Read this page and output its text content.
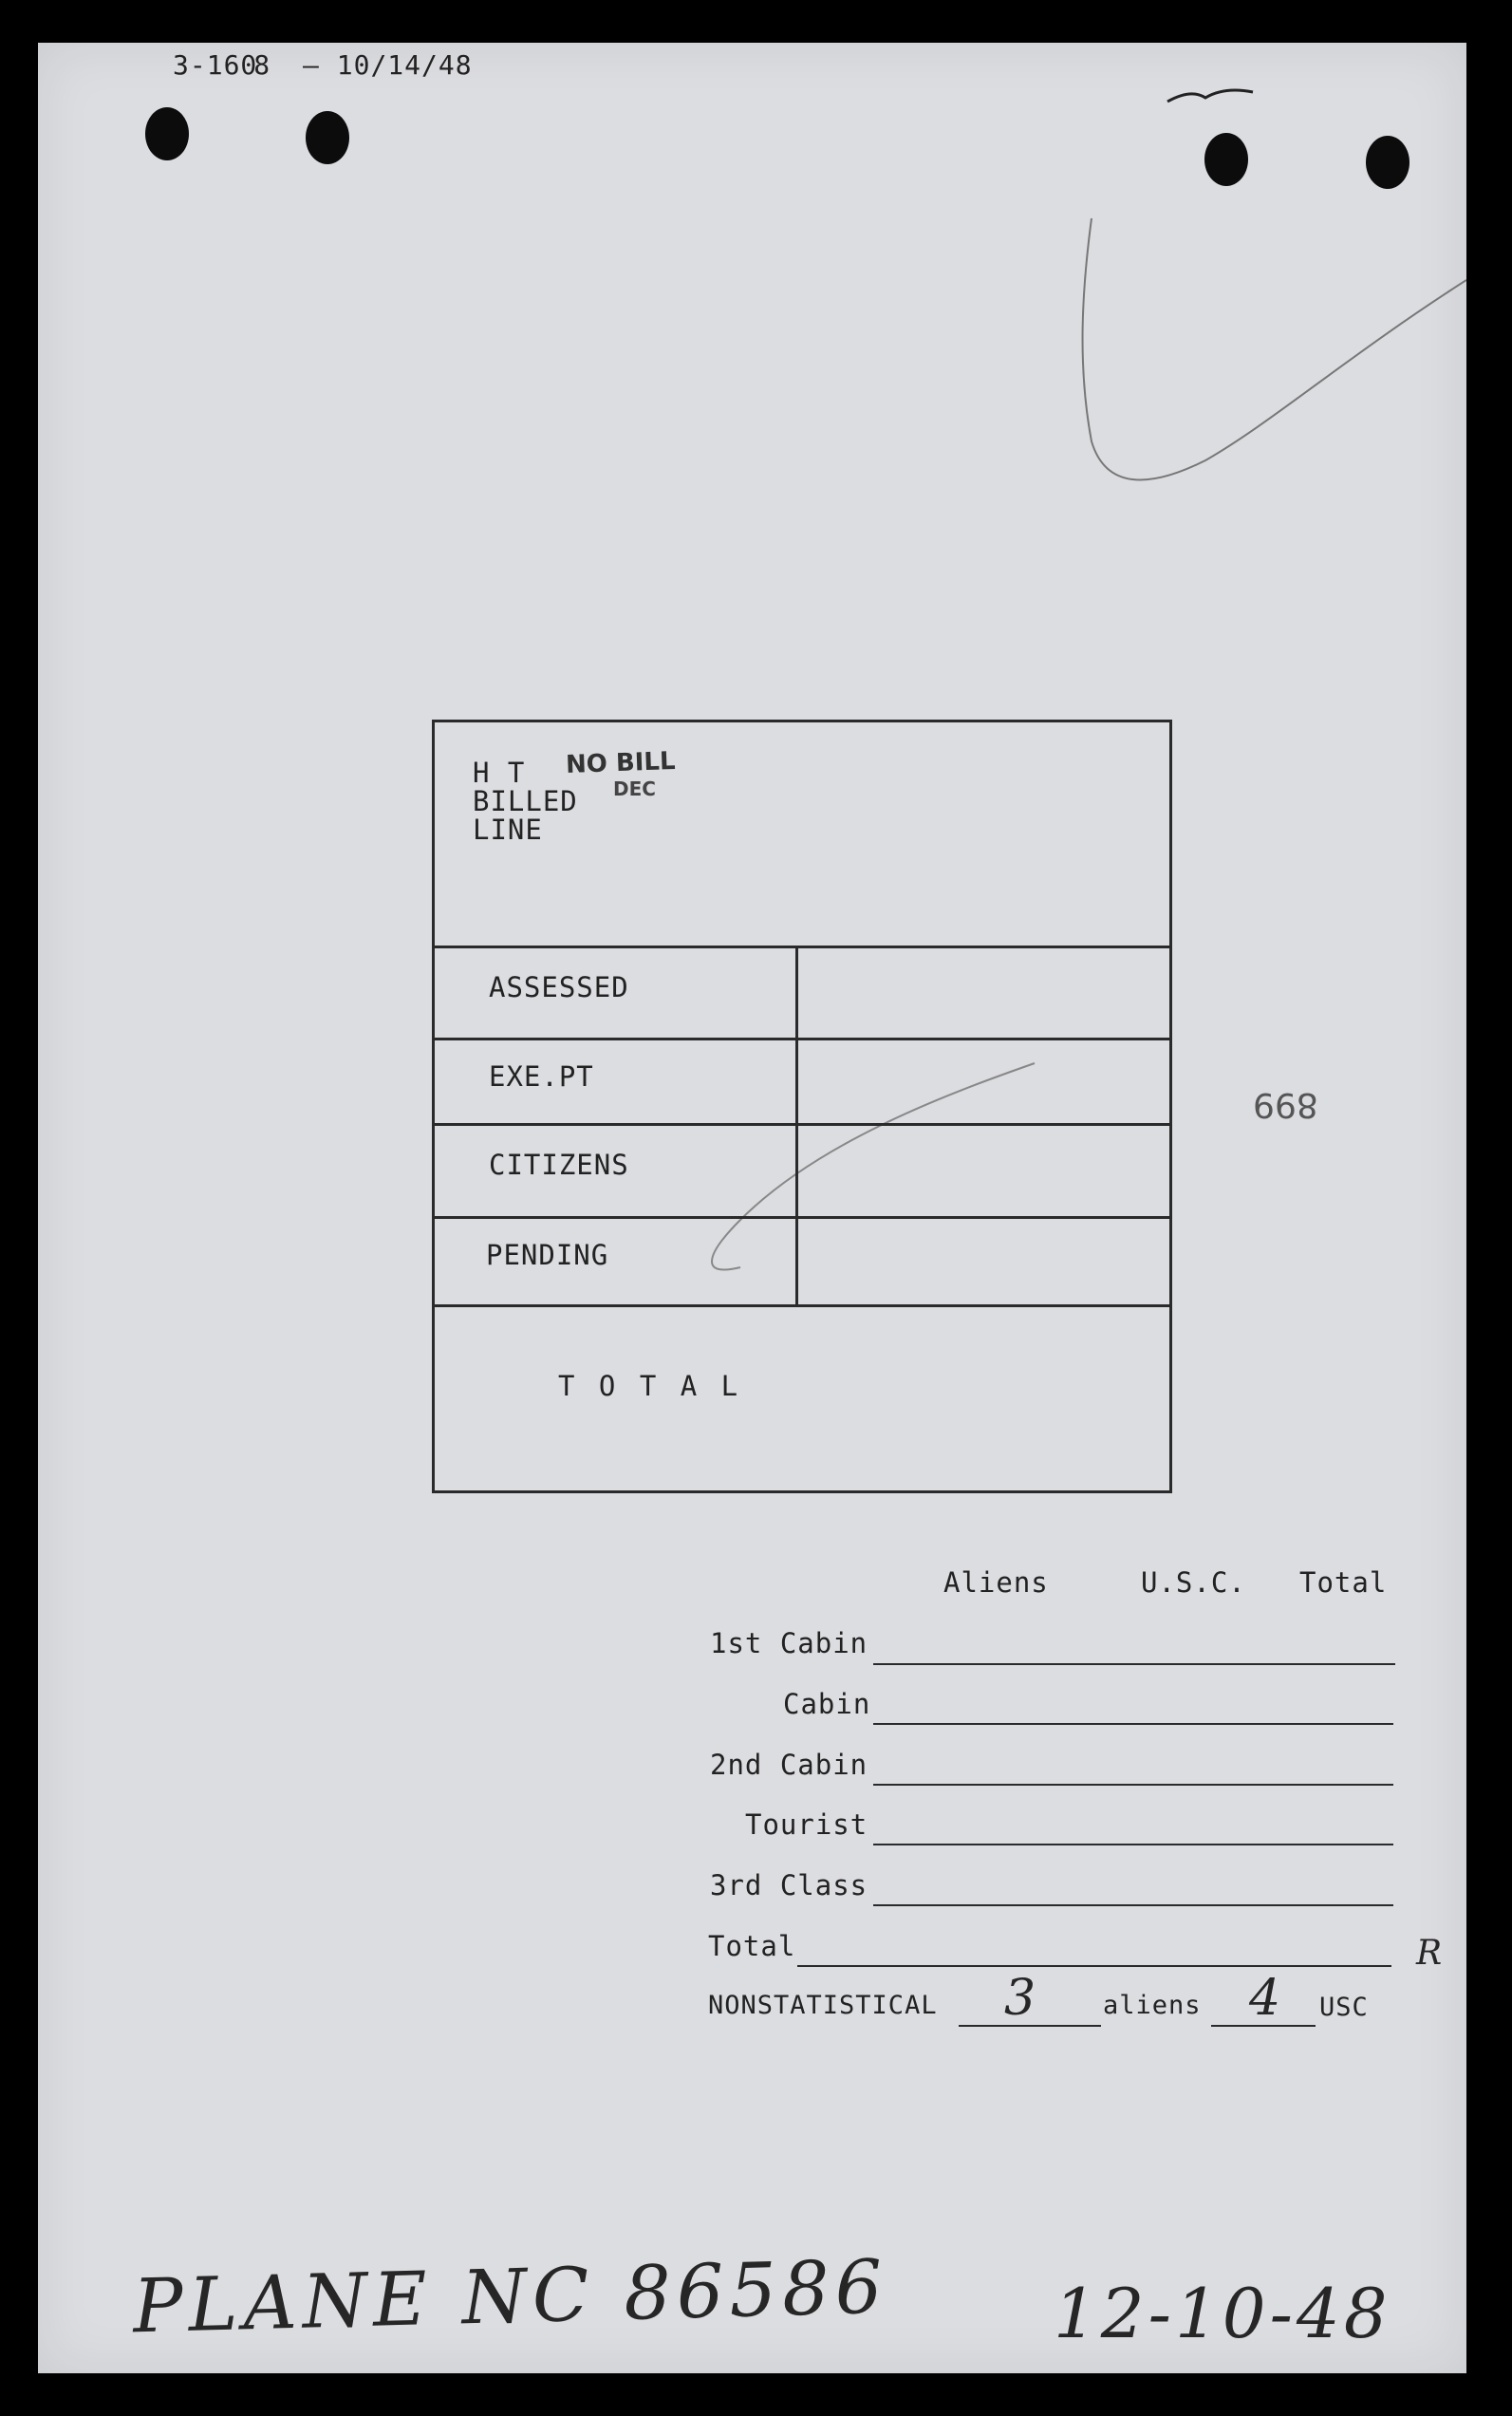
3-1608 — 10/14/48
H T
BILLED
LINE
NO BILL
DEC
ASSESSED
EXE.PT
CITIZENS
PENDING
T O T A L
899
Aliens	U.S.C. Total
1st Cabin
Cabin
2nd Cabin
Tourist
3rd Class
Total	R
NONSTATISTICAL 3	aliens 4 USC
PLANE NC 86586 12-10-48
